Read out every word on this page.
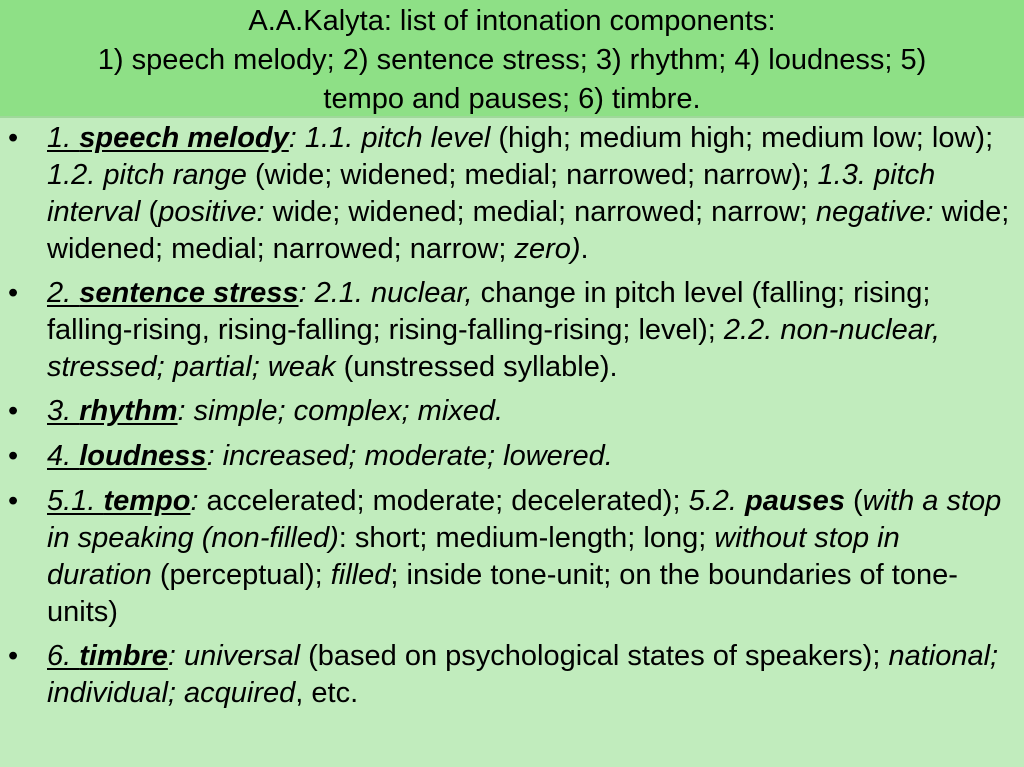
A.A.Kalyta: list of intonation components:
1) speech melody; 2) sentence stress; 3) rhythm; 4) loudness; 5)
tempo and pauses; 6) timbre.
• 1. speech melody: 1.1. pitch level (high; medium high; medium low; low); 1.2. pitch range (wide; widened; medial; narrowed; narrow); 1.3. pitch interval (positive: wide; widened; medial; narrowed; narrow; negative: wide; widened; medial; narrowed; narrow; zero).
• 2. sentence stress: 2.1. nuclear, change in pitch level (falling; rising; falling-rising, rising-falling; rising-falling-rising; level); 2.2. non-nuclear, stressed; partial; weak (unstressed syllable).
• 3. rhythm: simple; complex; mixed.
• 4. loudness: increased; moderate; lowered.
• 5.1. tempo: accelerated; moderate; decelerated); 5.2. pauses (with a stop in speaking (non-filled): short; medium-length; long; without stop in duration (perceptual); filled; inside tone-unit; on the boundaries of tone-units)
• 6. timbre: universal (based on psychological states of speakers); national; individual; acquired, etc.
